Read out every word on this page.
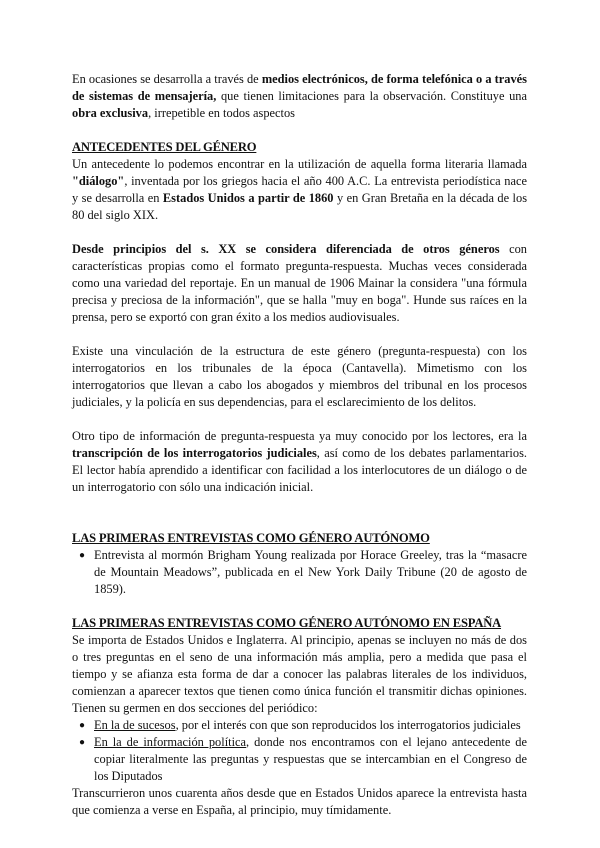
En ocasiones se desarrolla a través de medios electrónicos, de forma telefónica o a través de sistemas de mensajería, que tienen limitaciones para la observación. Constituye una obra exclusiva, irrepetible en todos aspectos

ANTECEDENTES DEL GÉNERO

Un antecedente lo podemos encontrar en la utilización de aquella forma literaria llamada "diálogo", inventada por los griegos hacia el año 400 A.C. La entrevista periodística nace y se desarrolla en Estados Unidos a partir de 1860 y en Gran Bretaña en la década de los 80 del siglo XIX.

Desde principios del s. XX se considera diferenciada de otros géneros con características propias como el formato pregunta-respuesta. Muchas veces considerada como una variedad del reportaje. En un manual de 1906 Mainar la considera "una fórmula precisa y preciosa de la información", que se halla "muy en boga". Hunde sus raíces en la prensa, pero se exportó con gran éxito a los medios audiovisuales.

Existe una vinculación de la estructura de este género (pregunta-respuesta) con los interrogatorios en los tribunales de la época (Cantavella). Mimetismo con los interrogatorios que llevan a cabo los abogados y miembros del tribunal en los procesos judiciales, y la policía en sus dependencias, para el esclarecimiento de los delitos.

Otro tipo de información de pregunta-respuesta ya muy conocido por los lectores, era la transcripción de los interrogatorios judiciales, así como de los debates parlamentarios. El lector había aprendido a identificar con facilidad a los interlocutores de un diálogo o de un interrogatorio con sólo una indicación inicial.

LAS PRIMERAS ENTREVISTAS COMO GÉNERO AUTÓNOMO
● Entrevista al mormón Brigham Young realizada por Horace Greeley, tras la “masacre de Mountain Meadows”, publicada en el New York Daily Tribune (20 de agosto de 1859).
LAS PRIMERAS ENTREVISTAS COMO GÉNERO AUTÓNOMO EN ESPAÑA

Se importa de Estados Unidos e Inglaterra. Al principio, apenas se incluyen no más de dos o tres preguntas en el seno de una información más amplia, pero a medida que pasa el tiempo y se afianza esta forma de dar a conocer las palabras literales de los individuos, comienzan a aparecer textos que tienen como única función el transmitir dichas opiniones. Tienen su germen en dos secciones del periódico:

● En la de sucesos, por el interés con que son reproducidos los interrogatorios judiciales
● En la de información política, donde nos encontramos con el lejano antecedente de copiar literalmente las preguntas y respuestas que se intercambian en el Congreso de los Diputados

Transcurrieron unos cuarenta años desde que en Estados Unidos aparece la entrevista hasta que comienza a verse en España, al principio, muy tímidamente.
